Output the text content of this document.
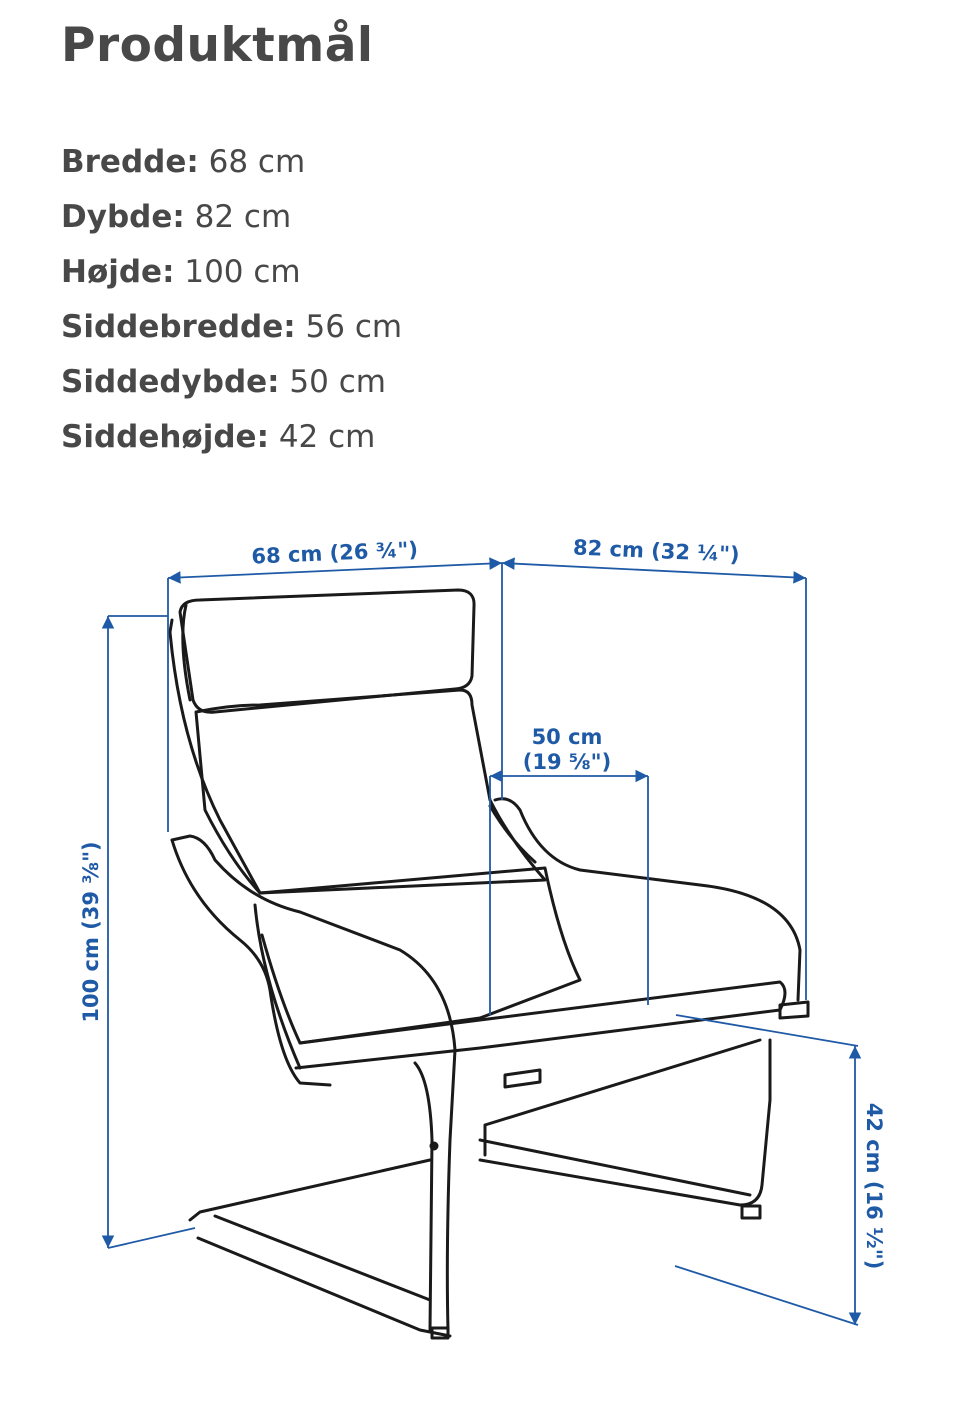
Produktmål
Bredde: 68 cm
Dybde: 82 cm
Højde: 100 cm
Siddebredde: 56 cm
Siddedybde: 50 cm
Siddehøjde: 42 cm
68 cm (26 ¾")	82 cm (32 ¼")
50 cm
(19 ⅝")
100 cm (39 ⅜")
42 cm (16 ½")
